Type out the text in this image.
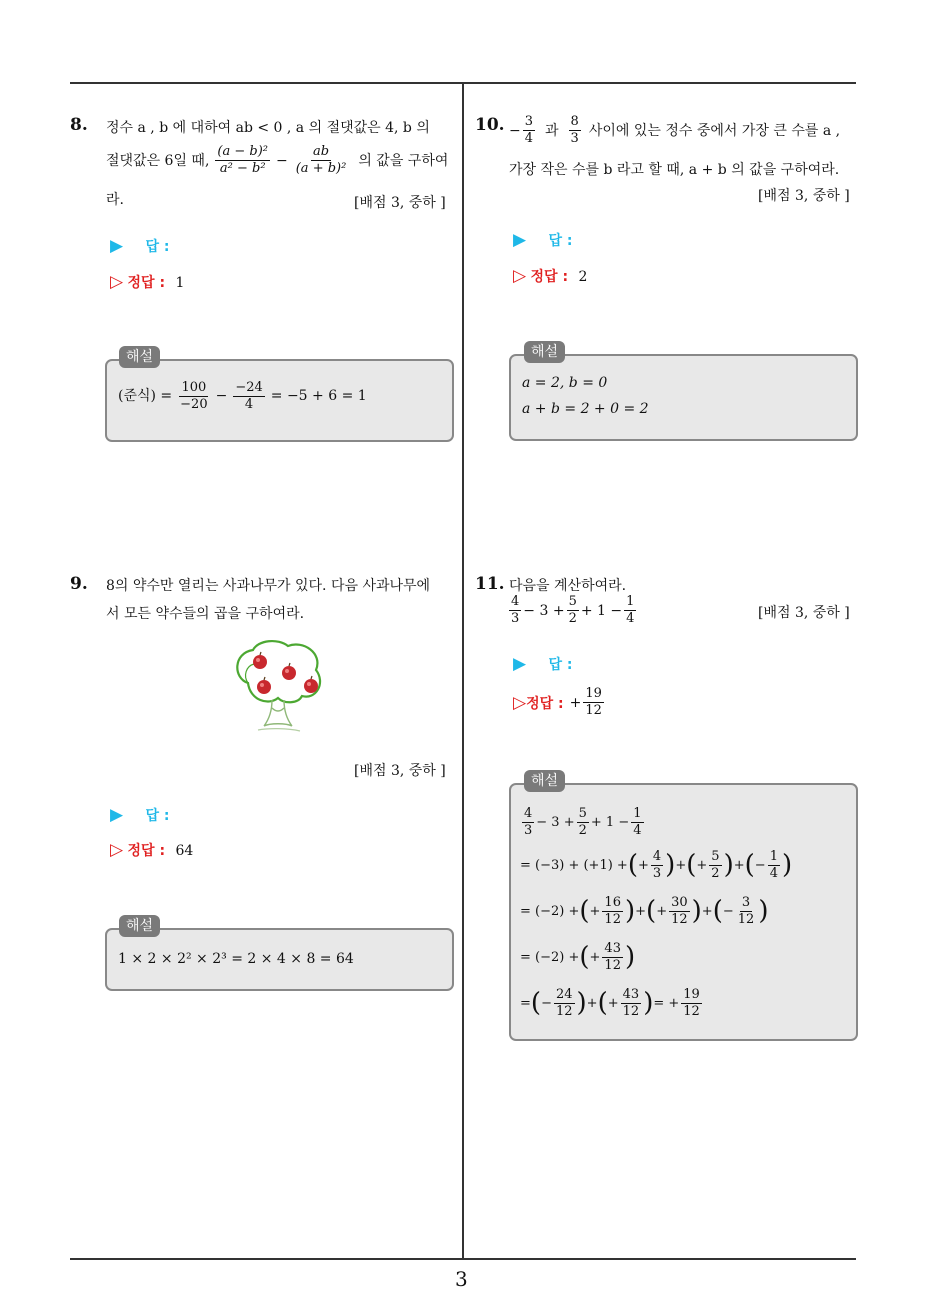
3
8. 정수 a , b 에 대하여 ab < 0 , a 의 절댓값은 4, b 의
절댓값은 6일 때, $\frac{\text{(a − b)²}}{\text{a² − b²}} - \frac{ab}{\text{(a + b)²}}$ 의 값을 구하여
라.	[배점 3, 중하 ]
▶ 답 :
▷ 정답 : 1
해설
(준식) = $\frac{100}{-20} - \frac{-24}{4} = -5 + 6 = 1$
9. 8의 약수만 열리는 사과나무가 있다. 다음 사과나무에
서 모든 약수들의 곱을 구하여라.
[배점 3, 중하 ]
▶ 답 :
▷ 정답 : 64
해설
1 × 2 × 2² × 2³ = 2 × 4 × 8 = 64
10. − $\frac{3}{4}$ 과 $\frac{8}{3}$ 사이에 있는 정수 중에서 가장 큰 수를 a ,
가장 작은 수를 b 라고 할 때, a + b 의 값을 구하여라.
[배점 3, 중하 ]
▶ 답 :
▷ 정답 : 2
해설
a = 2, b = 0
a + b = 2 + 0 = 2
11. 다음을 계산하여라.
$\frac{4}{3} - 3 + \frac{5}{2} + 1 - \frac{1}{4}$	[배점 3, 중하 ]
▶ 답 :
▷ 정답 : + $\frac{19}{12}$
해설
$\frac{4}{3} - 3 + \frac{5}{2} + 1 - \frac{1}{4}$
= (−3) + (+1) + ( + $\frac{4}{3}$ ) + ( + $\frac{5}{2}$ ) + ( − $\frac{1}{4}$ )
= (−2) + ( + $\frac{16}{12}$ ) + ( + $\frac{30}{12}$ ) + ( − $\frac{3}{12}$ )
= (−2) + ( + $\frac{43}{12}$ )
= ( − $\frac{24}{12}$ ) + ( + $\frac{43}{12}$ ) = + $\frac{19}{12}$
